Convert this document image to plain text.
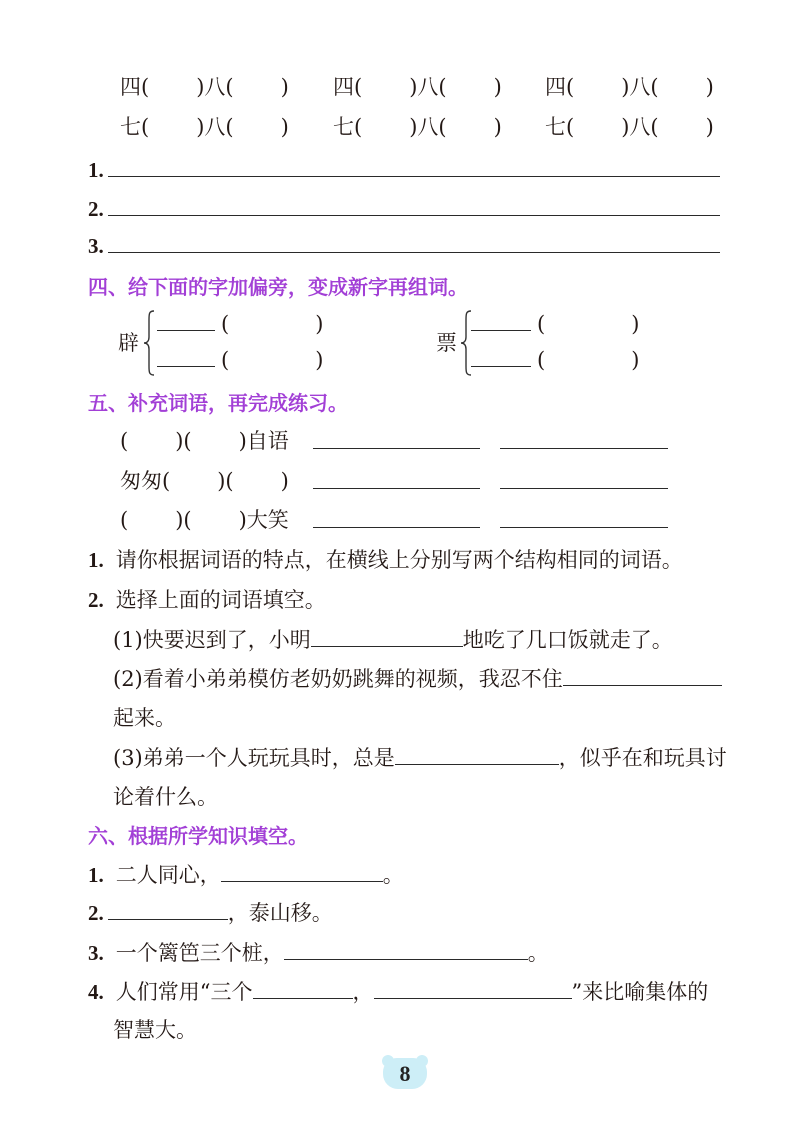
四( )八( ) 四( )八( ) 四( )八( )
七( )八( ) 七( )八( ) 七( )八( )
1.
2.
3.
四、给下面的字加偏旁，变成新字再组词。
辟
(	)
(	)
票
(	)
(	)
五、补充词语，再完成练习。
( )( )自语
匆匆( )( )
( )( )大笑
1. 请你根据词语的特点，在横线上分别写两个结构相同的词语。
2. 选择上面的词语填空。
(1)快要迟到了，小明	地吃了几口饭就走了。
(2)看着小弟弟模仿老奶奶跳舞的视频，我忍不住
起来。
(3)弟弟一个人玩玩具时，总是	，似乎在和玩具讨
论着什么。
六、根据所学知识填空。
1. 二人同心，	。
2.	，泰山移。
3. 一个篱笆三个桩，	。
4. 人们常用“三个	，	”来比喻集体的
智慧大。
8
